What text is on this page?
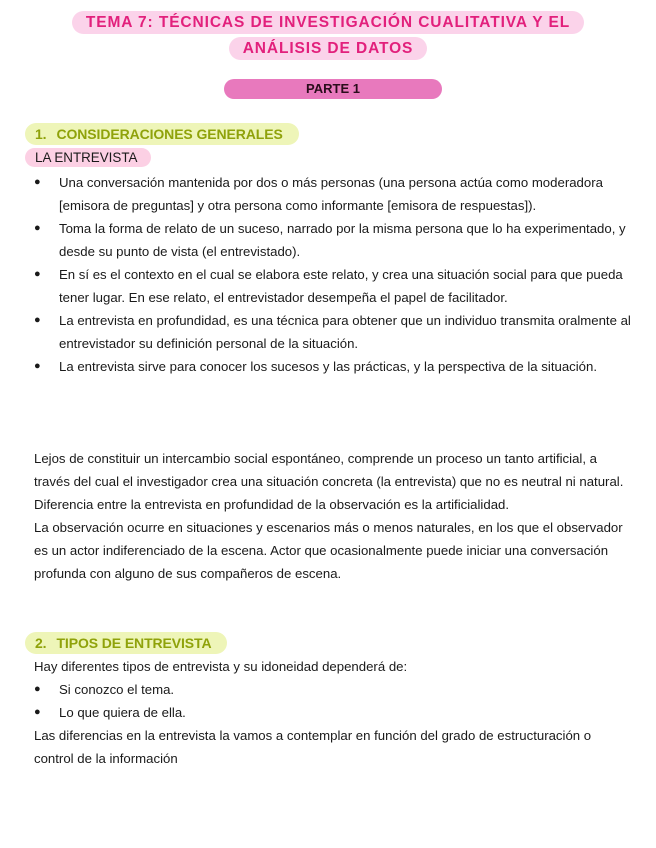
TEMA 7: TÉCNICAS DE INVESTIGACIÓN CUALITATIVA Y EL
ANÁLISIS DE DATOS
PARTE 1
1. CONSIDERACIONES GENERALES
LA ENTREVISTA
● Una conversación mantenida por dos o más personas (una persona actúa como moderadora [emisora de preguntas] y otra persona como informante [emisora de respuestas]).
● Toma la forma de relato de un suceso, narrado por la misma persona que lo ha experimentado, y desde su punto de vista (el entrevistado).
● En sí es el contexto en el cual se elabora este relato, y crea una situación social para que pueda tener lugar. En ese relato, el entrevistador desempeña el papel de facilitador.
● La entrevista en profundidad, es una técnica para obtener que un individuo transmita oralmente al entrevistador su definición personal de la situación.
● La entrevista sirve para conocer los sucesos y las prácticas, y la perspectiva de la situación.

Lejos de constituir un intercambio social espontáneo, comprende un proceso un tanto artificial, a través del cual el investigador crea una situación concreta (la entrevista) que no es neutral ni natural.

Diferencia entre la entrevista en profundidad de la observación es la artificialidad.

La observación ocurre en situaciones y escenarios más o menos naturales, en los que el observador es un actor indiferenciado de la escena. Actor que ocasionalmente puede iniciar una conversación profunda con alguno de sus compañeros de escena.

2. TIPOS DE ENTREVISTA

Hay diferentes tipos de entrevista y su idoneidad dependerá de:

● Si conozco el tema.
● Lo que quiera de ella.

Las diferencias en la entrevista la vamos a contemplar en función del grado de estructuración o control de la información
